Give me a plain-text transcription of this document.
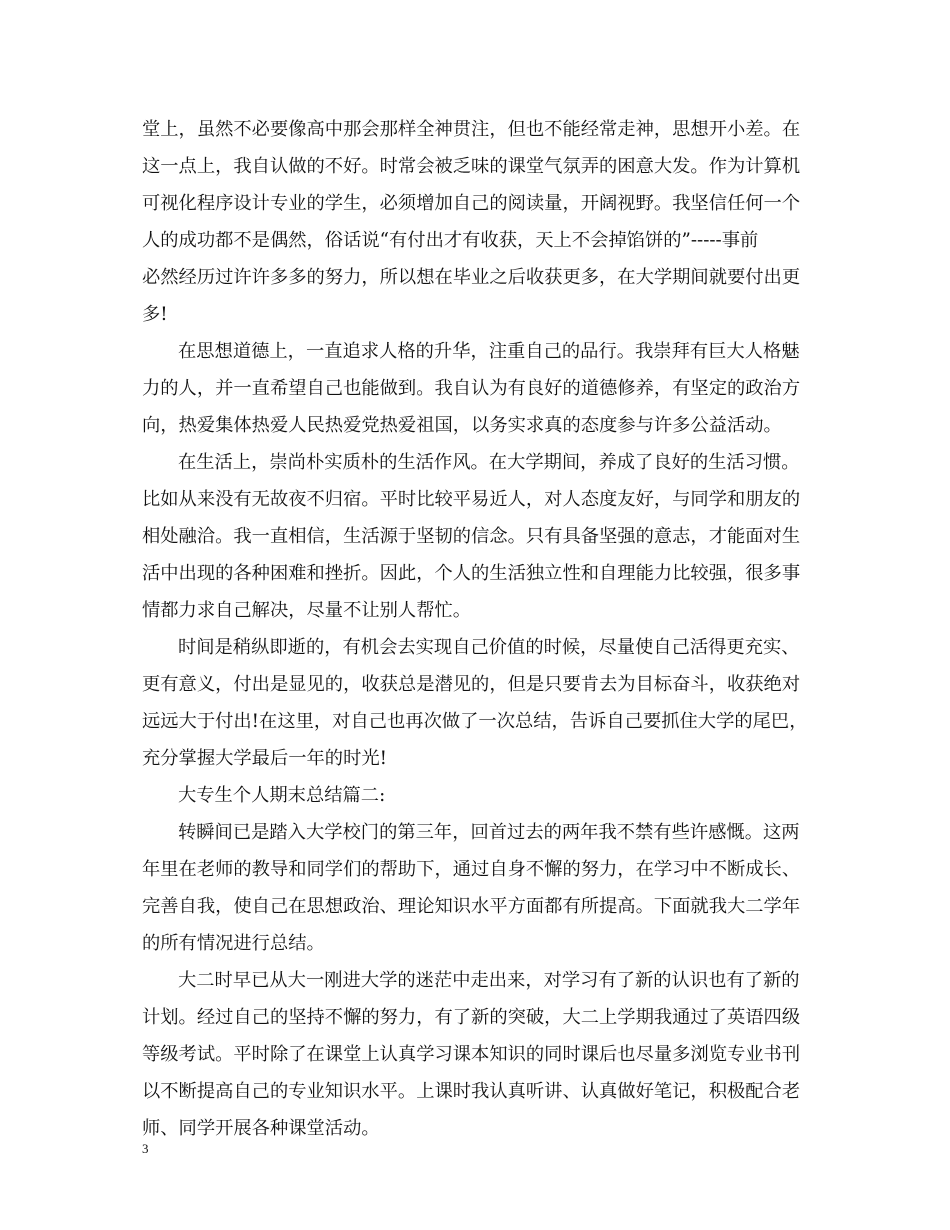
堂上，虽然不必要像高中那会那样全神贯注，但也不能经常走神，思想开小差。在
这一点上，我自认做的不好。时常会被乏味的课堂气氛弄的困意大发。作为计算机
可视化程序设计专业的学生，必须增加自己的阅读量，开阔视野。我坚信任何一个
人的成功都不是偶然，俗话说“有付出才有收获，天上不会掉馅饼的”-----事前
必然经历过许许多多的努力，所以想在毕业之后收获更多，在大学期间就要付出更
多!
在思想道德上，一直追求人格的升华，注重自己的品行。我崇拜有巨大人格魅
力的人，并一直希望自己也能做到。我自认为有良好的道德修养，有坚定的政治方
向，热爱集体热爱人民热爱党热爱祖国，以务实求真的态度参与许多公益活动。
在生活上，崇尚朴实质朴的生活作风。在大学期间，养成了良好的生活习惯。
比如从来没有无故夜不归宿。平时比较平易近人，对人态度友好，与同学和朋友的
相处融洽。我一直相信，生活源于坚韧的信念。只有具备坚强的意志，才能面对生
活中出现的各种困难和挫折。因此，个人的生活独立性和自理能力比较强，很多事
情都力求自己解决，尽量不让别人帮忙。
时间是稍纵即逝的，有机会去实现自己价值的时候，尽量使自己活得更充实、
更有意义，付出是显见的，收获总是潜见的，但是只要肯去为目标奋斗，收获绝对
远远大于付出!在这里，对自己也再次做了一次总结，告诉自己要抓住大学的尾巴，
充分掌握大学最后一年的时光!
大专生个人期末总结篇二:
转瞬间已是踏入大学校门的第三年，回首过去的两年我不禁有些许感慨。这两
年里在老师的教导和同学们的帮助下，通过自身不懈的努力，在学习中不断成长、
完善自我，使自己在思想政治、理论知识水平方面都有所提高。下面就我大二学年
的所有情况进行总结。
大二时早已从大一刚进大学的迷茫中走出来，对学习有了新的认识也有了新的
计划。经过自己的坚持不懈的努力，有了新的突破，大二上学期我通过了英语四级
等级考试。平时除了在课堂上认真学习课本知识的同时课后也尽量多浏览专业书刊
以不断提高自己的专业知识水平。上课时我认真听讲、认真做好笔记，积极配合老
师、同学开展各种课堂活动。
3
